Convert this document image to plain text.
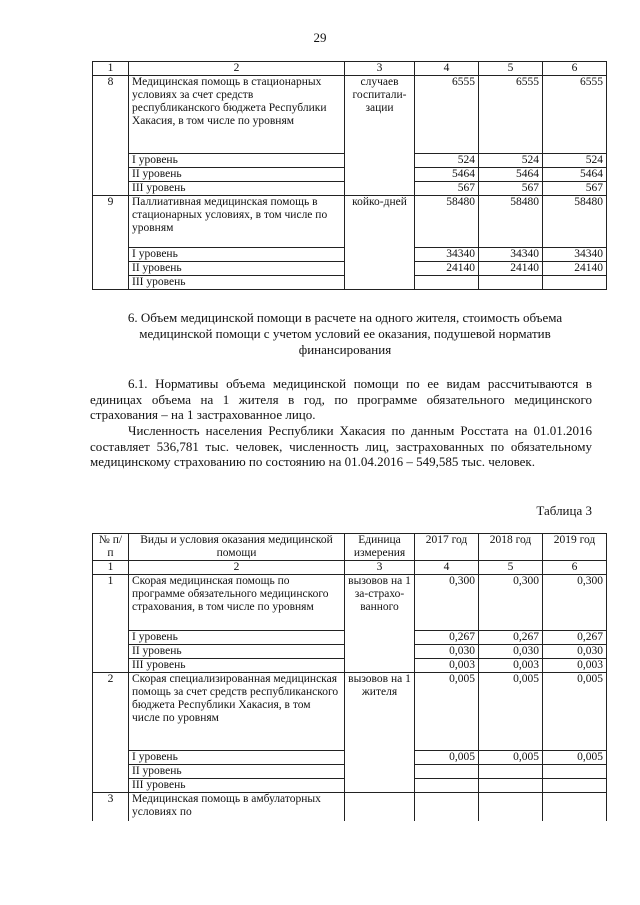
29
1	2	3	4	5	6
8	Медицинская помощь в стационарных условиях за счет средств республиканского бюджета Республики Хакасия, в том числе по уровням	случаев госпитали-зации	6555	6555	6555
	I уровень		524	524	524
	II уровень		5464	5464	5464
	III уровень		567	567	567
9	Паллиативная медицинская помощь в стационарных условиях, в том числе по уровням	койко-дней	58480	58480	58480
	I уровень		34340	34340	34340
	II уровень		24140	24140	24140
	III уровень				
6. Объем медицинской помощи в расчете на одного жителя, стоимость объема медицинской помощи с учетом условий ее оказания, подушевой норматив финансирования
6.1. Нормативы объема медицинской помощи по ее видам рассчитываются в единицах объема на 1 жителя в год, по программе обязательного медицинского страхования – на 1 застрахованное лицо.
Численность населения Республики Хакасия по данным Росстата на 01.01.2016 составляет 536,781 тыс. человек, численность лиц, застрахованных по обязательному медицинскому страхованию по состоянию на 01.04.2016 – 549,585 тыс. человек.
Таблица 3
№ п/п	Виды и условия оказания медицинской помощи	Единица измерения	2017 год	2018 год	2019 год
1	2	3	4	5	6
1	Скорая медицинская помощь по программе обязательного медицинского страхования, в том числе по уровням	вызовов на 1 за-страхо-ванного	0,300	0,300	0,300
	I уровень		0,267	0,267	0,267
	II уровень		0,030	0,030	0,030
	III уровень		0,003	0,003	0,003
2	Скорая специализированная медицинская помощь за счет средств республиканского бюджета Республики Хакасия, в том числе по уровням	вызовов на 1 жителя	0,005	0,005	0,005
	I уровень		0,005	0,005	0,005
	II уровень				
	III уровень				
3	Медицинская помощь в амбулаторных условиях по				
